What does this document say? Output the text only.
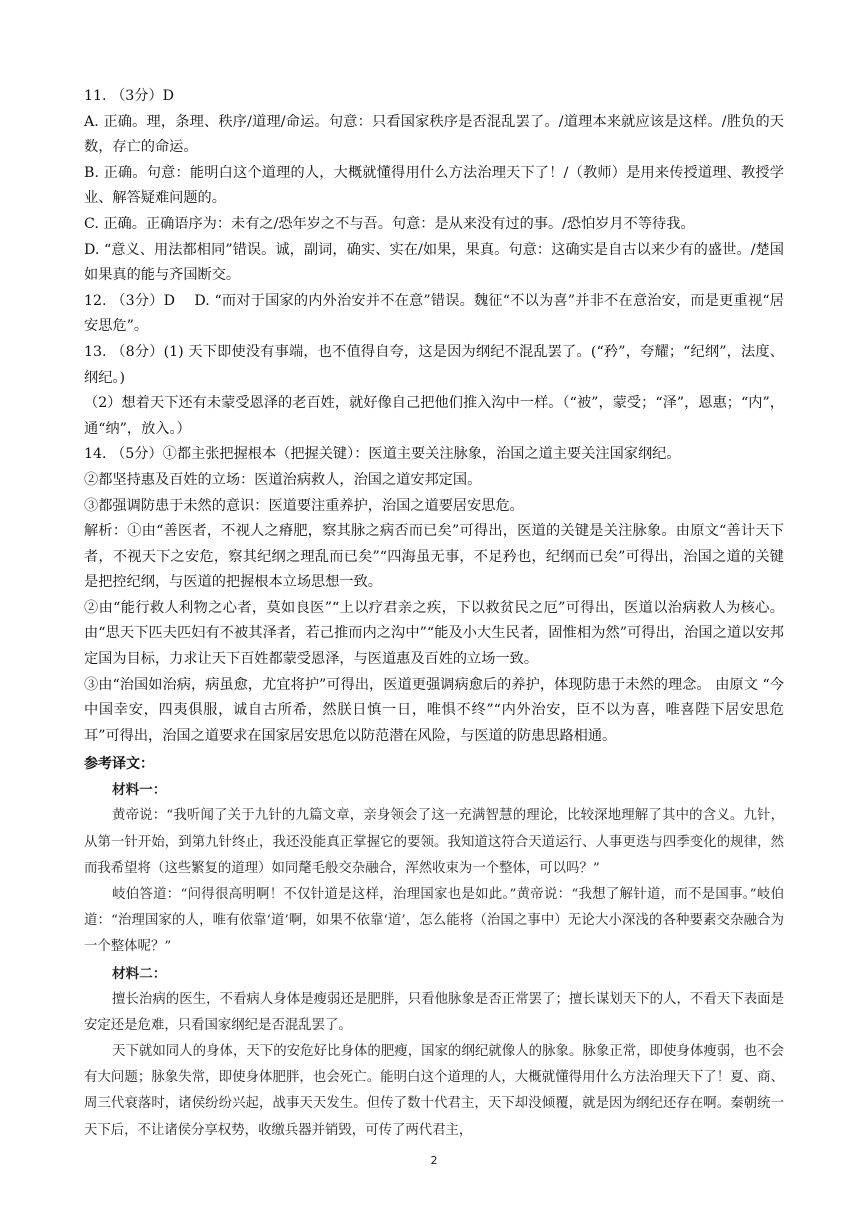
11. （3分）D

A. 正确。理，条理、秩序/道理/命运。句意：只看国家秩序是否混乱罢了。/道理本来就应该是这样。/胜负的天数，存亡的命运。

B. 正确。句意：能明白这个道理的人，大概就懂得用什么方法治理天下了！/（教师）是用来传授道理、教授学业、解答疑难问题的。

C. 正确。正确语序为：未有之/恐年岁之不与吾。句意：是从来没有过的事。/恐怕岁月不等待我。

D. “意义、用法都相同”错误。诚，副词，确实、实在/如果，果真。句意：这确实是自古以来少有的盛世。/楚国如果真的能与齐国断交。

12. （3分）D　 D. “而对于国家的内外治安并不在意”错误。魏征“不以为喜”并非不在意治安，而是更重视“居安思危”。

13. （8分）(1) 天下即使没有事端，也不值得自夸，这是因为纲纪不混乱罢了。(“矜”，夸耀；“纪纲”，法度、纲纪。)

（2）想着天下还有未蒙受恩泽的老百姓，就好像自己把他们推入沟中一样。（“被”，蒙受；“泽”，恩惠；“内”，通“纳”，放入。）

14. （5分）①都主张把握根本（把握关键）：医道主要关注脉象，治国之道主要关注国家纲纪。

②都坚持惠及百姓的立场：医道治病救人，治国之道安邦定国。

③都强调防患于未然的意识：医道要注重养护，治国之道要居安思危。

解析：①由“善医者，不视人之瘠肥，察其脉之病否而已矣”可得出，医道的关键是关注脉象。由原文“善计天下者，不视天下之安危，察其纪纲之理乱而已矣”“四海虽无事，不足矜也，纪纲而已矣”可得出，治国之道的关键是把控纪纲，与医道的把握根本立场思想一致。

②由“能行救人利物之心者，莫如良医”“上以疗君亲之疾，下以救贫民之厄”可得出，医道以治病救人为核心。 由“思天下匹夫匹妇有不被其泽者，若己推而内之沟中”“能及小大生民者，固惟相为然”可得出，治国之道以安邦定国为目标，力求让天下百姓都蒙受恩泽，与医道惠及百姓的立场一致。

③由“治国如治病，病虽愈，尤宜将护”可得出，医道更强调病愈后的养护，体现防患于未然的理念。 由原文 “今中国幸安，四夷俱服，诚自古所希，然朕日慎一日，唯惧不终”“内外治安，臣不以为喜，唯喜陛下居安思危耳”可得出，治国之道要求在国家居安思危以防范潜在风险，与医道的防患思路相通。

参考译文：

材料一：

黄帝说：“我听闻了关于九针的九篇文章，亲身领会了这一充满智慧的理论，比较深地理解了其中的含义。九针，从第一针开始，到第九针终止，我还没能真正掌握它的要领。我知道这符合天道运行、人事更迭与四季变化的规律，然而我希望将（这些繁复的道理）如同氂毛般交杂融合，浑然收束为一个整体，可以吗？”

岐伯答道：“问得很高明啊！不仅针道是这样，治理国家也是如此。”黄帝说：“我想了解针道，而不是国事。”岐伯道：“治理国家的人，唯有依靠‘道’啊，如果不依靠‘道’，怎么能将（治国之事中）无论大小深浅的各种要素交杂融合为一个整体呢？”

材料二：

擅长治病的医生，不看病人身体是瘦弱还是肥胖，只看他脉象是否正常罢了；擅长谋划天下的人，不看天下表面是安定还是危难，只看国家纲纪是否混乱罢了。

天下就如同人的身体，天下的安危好比身体的肥瘦，国家的纲纪就像人的脉象。脉象正常，即使身体瘦弱，也不会有大问题；脉象失常，即使身体肥胖，也会死亡。能明白这个道理的人，大概就懂得用什么方法治理天下了！夏、商、周三代衰落时，诸侯纷纷兴起，战事天天发生。但传了数十代君主，天下却没倾覆，就是因为纲纪还存在啊。秦朝统一天下后，不让诸侯分享权势，收缴兵器并销毁，可传了两代君主，

2
